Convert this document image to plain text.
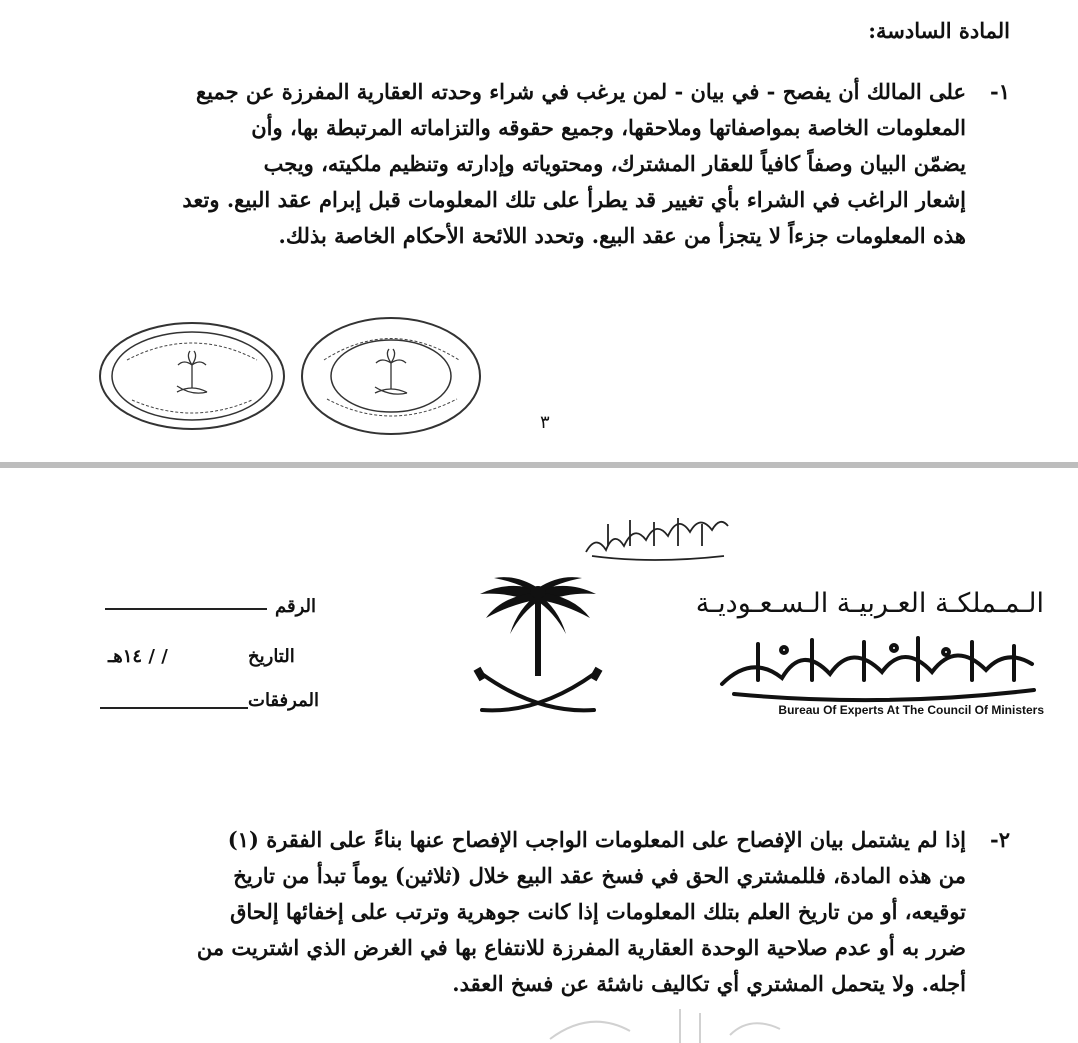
المادة السادسة:
١-
على المالك أن يفصح - في بيان - لمن يرغب في شراء وحدته العقارية المفرزة عن جميع
المعلومات الخاصة بمواصفاتها وملاحقها، وجميع حقوقه والتزاماته المرتبطة بها، وأن
يضمّن البيان وصفاً كافياً للعقار المشترك، ومحتوياته وإدارته وتنظيم ملكيته، ويجب
إشعار الراغب في الشراء بأي تغيير قد يطرأ على تلك المعلومات قبل إبرام عقد البيع. وتعد
هذه المعلومات جزءاً لا يتجزأ من عقد البيع. وتحدد اللائحة الأحكام الخاصة بذلك.
٣
الـمـملكـة العـربيـة الـسـعـوديـة
Bureau Of Experts At The Council Of Ministers
الرقم
التاريخ
١٤هـ / /
المرفقات
٢-
إذا لم يشتمل بيان الإفصاح على المعلومات الواجب الإفصاح عنها بناءً على الفقرة (١)
من هذه المادة، فللمشتري الحق في فسخ عقد البيع خلال (ثلاثين) يوماً تبدأ من تاريخ
توقيعه، أو من تاريخ العلم بتلك المعلومات إذا كانت جوهرية وترتب على إخفائها إلحاق
ضرر به أو عدم صلاحية الوحدة العقارية المفرزة للانتفاع بها في الغرض الذي اشتريت من
أجله. ولا يتحمل المشتري أي تكاليف ناشئة عن فسخ العقد.
